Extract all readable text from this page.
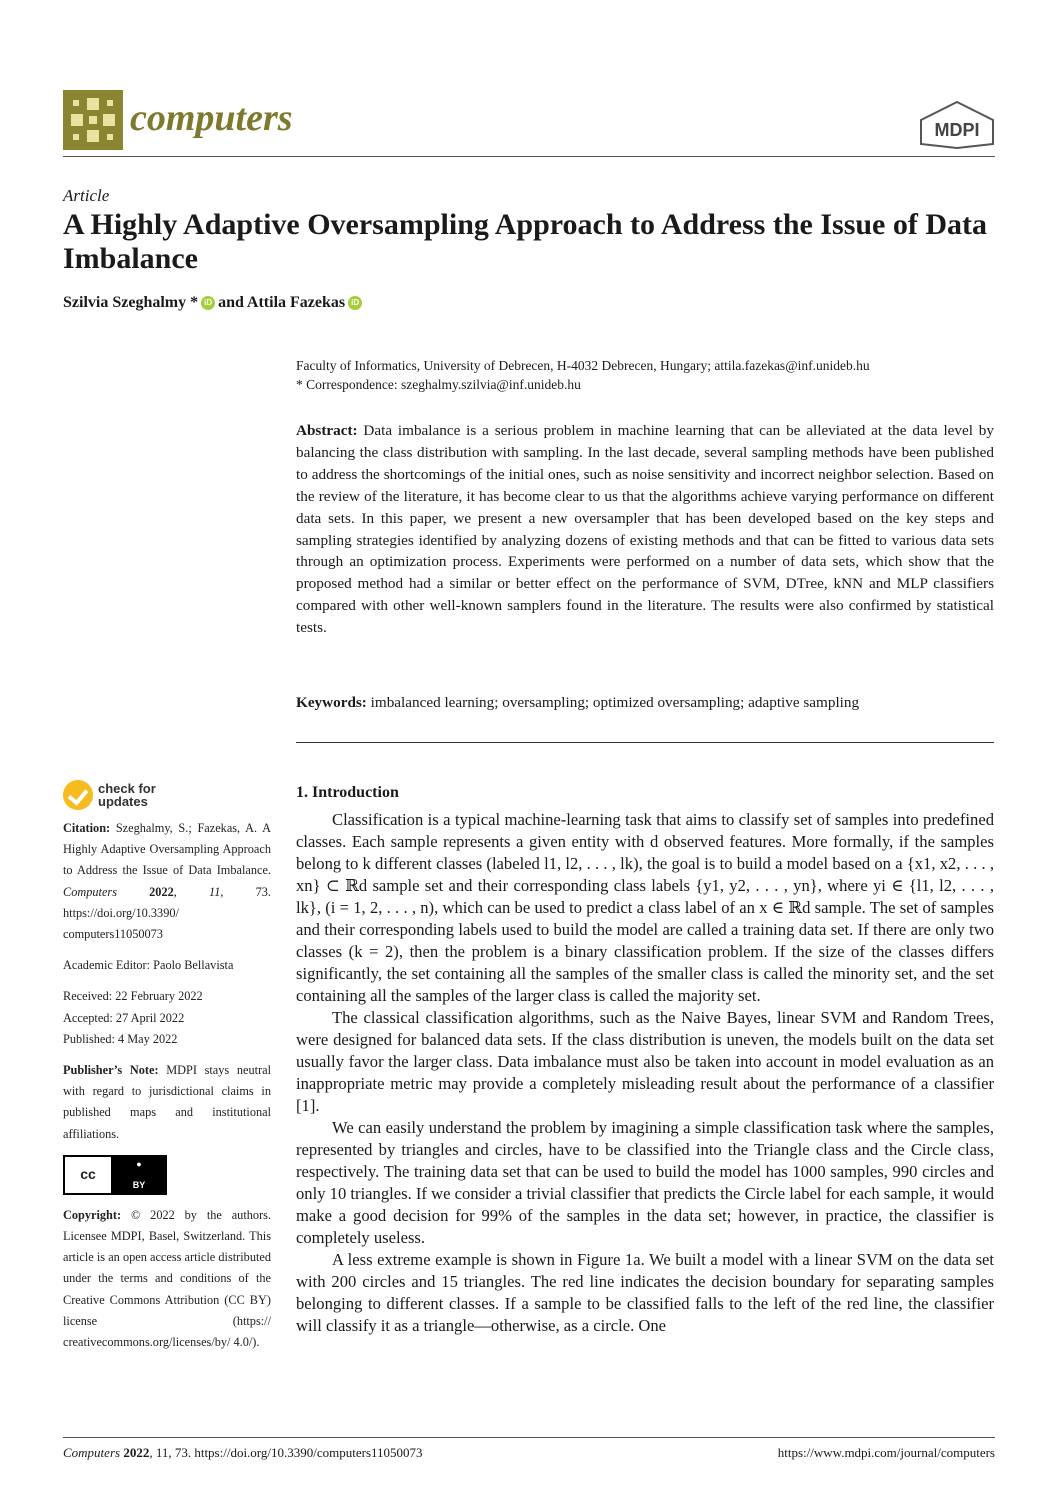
computers	MDPI
Article
A Highly Adaptive Oversampling Approach to Address the Issue of Data Imbalance
Szilvia Szeghalmy * iD and Attila Fazekas iD
Faculty of Informatics, University of Debrecen, H-4032 Debrecen, Hungary; attila.fazekas@inf.unideb.hu
* Correspondence: szeghalmy.szilvia@inf.unideb.hu
Abstract: Data imbalance is a serious problem in machine learning that can be alleviated at the data level by balancing the class distribution with sampling. In the last decade, several sampling methods have been published to address the shortcomings of the initial ones, such as noise sensitivity and incorrect neighbor selection. Based on the review of the literature, it has become clear to us that the algorithms achieve varying performance on different data sets. In this paper, we present a new oversampler that has been developed based on the key steps and sampling strategies identified by analyzing dozens of existing methods and that can be fitted to various data sets through an optimization process. Experiments were performed on a number of data sets, which show that the proposed method had a similar or better effect on the performance of SVM, DTree, kNN and MLP classifiers compared with other well-known samplers found in the literature. The results were also confirmed by statistical tests.
Keywords: imbalanced learning; oversampling; optimized oversampling; adaptive sampling
check for
updates

Citation: Szeghalmy, S.; Fazekas, A. A Highly Adaptive Oversampling Approach to Address the Issue of Data Imbalance. Computers 2022, 11, 73. https://doi.org/10.3390/ computers11050073

Academic Editor: Paolo Bellavista

Received: 22 February 2022

Accepted: 27 April 2022

Published: 4 May 2022

Publisher’s Note: MDPI stays neutral with regard to jurisdictional claims in published maps and institutional affiliations.

cc
●
BY

Copyright: © 2022 by the authors. Licensee MDPI, Basel, Switzerland. This article is an open access article distributed under the terms and conditions of the Creative Commons Attribution (CC BY) license (https:// creativecommons.org/licenses/by/ 4.0/).

1. Introduction

Classification is a typical machine-learning task that aims to classify set of samples into predefined classes. Each sample represents a given entity with d observed features. More formally, if the samples belong to k different classes (labeled l1, l2, . . . , lk), the goal is to build a model based on a {x1, x2, . . . , xn} ⊂ ℝd sample set and their corresponding class labels {y1, y2, . . . , yn}, where yi ∈ {l1, l2, . . . , lk}, (i = 1, 2, . . . , n), which can be used to predict a class label of an x ∈ ℝd sample. The set of samples and their corresponding labels used to build the model are called a training data set. If there are only two classes (k = 2), then the problem is a binary classification problem. If the size of the classes differs significantly, the set containing all the samples of the smaller class is called the minority set, and the set containing all the samples of the larger class is called the majority set.

The classical classification algorithms, such as the Naive Bayes, linear SVM and Random Trees, were designed for balanced data sets. If the class distribution is uneven, the models built on the data set usually favor the larger class. Data imbalance must also be taken into account in model evaluation as an inappropriate metric may provide a completely misleading result about the performance of a classifier [1].

We can easily understand the problem by imagining a simple classification task where the samples, represented by triangles and circles, have to be classified into the Triangle class and the Circle class, respectively. The training data set that can be used to build the model has 1000 samples, 990 circles and only 10 triangles. If we consider a trivial classifier that predicts the Circle label for each sample, it would make a good decision for 99% of the samples in the data set; however, in practice, the classifier is completely useless.

A less extreme example is shown in Figure 1a. We built a model with a linear SVM on the data set with 200 circles and 15 triangles. The red line indicates the decision boundary for separating samples belonging to different classes. If a sample to be classified falls to the left of the red line, the classifier will classify it as a triangle—otherwise, as a circle. One

Computers 2022, 11, 73. https://doi.org/10.3390/computers11050073	https://www.mdpi.com/journal/computers
